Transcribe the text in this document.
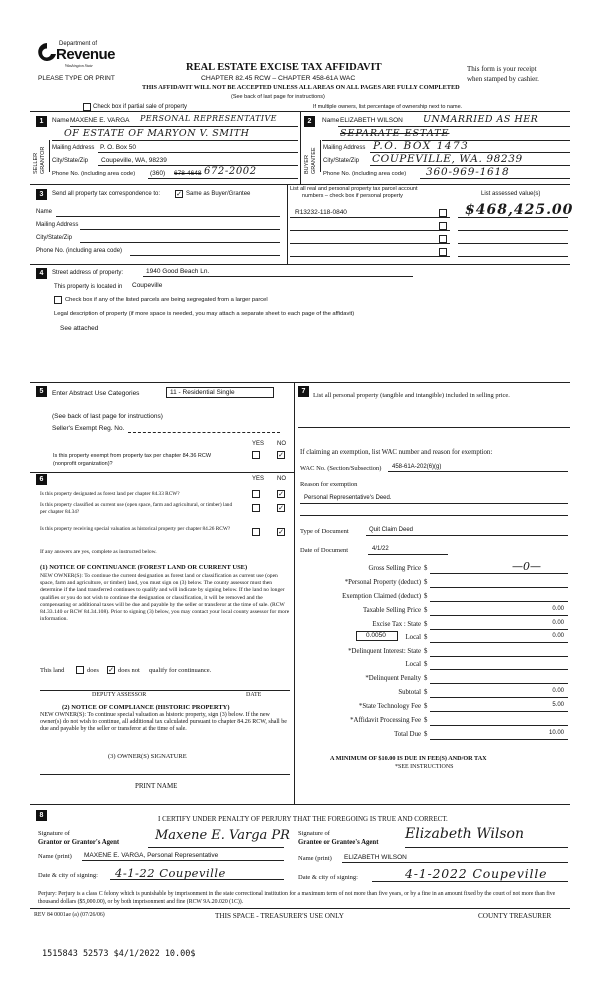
Department of
Revenue
Washington State
PLEASE TYPE OR PRINT
REAL ESTATE EXCISE TAX AFFIDAVIT
CHAPTER 82.45 RCW – CHAPTER 458-61A WAC
THIS AFFIDAVIT WILL NOT BE ACCEPTED UNLESS ALL AREAS ON ALL PAGES ARE FULLY COMPLETED
(See back of last page for instructions)
This form is your receipt
when stamped by cashier.
Check box if partial sale of property	If multiple owners, list percentage of ownership next to name.
1	2
SELLER GRANTOR	BUYER GRANTEE
Name MAXENE E. VARGA PERSONAL REPRESENTATIVE
OF ESTATE OF MARYON V. SMITH
Mailing Address P. O. Box 50
City/State/Zip Coupeville, WA, 98239
Phone No. (including area code) (360) 678-4648 672-2002
Name ELIZABETH WILSON UNMARRIED AS HER
SEPARATE ESTATE
Mailing Address P.O. BOX 1473
City/State/Zip COUPEVILLE, WA. 98239
Phone No. (including area code) 360-969-1618
3	Send all property tax correspondence to: ✓ Same as Buyer/Grantee
List all real and personal property tax parcel account
numbers – check box if personal property	List assessed value(s)
R13232-118-0840	$468,425.00
Name
Mailing Address
City/State/Zip
Phone No. (including area code)
4	Street address of property:	1940 Good Beach Ln.
This property is located in Coupeville
Check box if any of the listed parcels are being segregated from a larger parcel
Legal description of property (if more space is needed, you may attach a separate sheet to each page of the affidavit)
See attached
5	Enter Abstract Use Categories	11 - Residential Single
(See back of last page for instructions)
Seller's Exempt Reg. No.
YES NO
Is this property exempt from property tax per chapter 84.36 RCW (nonprofit organization)?
✓
6	YES NO
Is this property designated as forest land per chapter 84.33 RCW?	✓
Is this property classified as current use (open space, farm and agricultural, or timber) land per chapter 84.34?	✓
Is this property receiving special valuation as historical property per chapter 84.26 RCW?	✓
If any answers are yes, complete as instructed below.
(1) NOTICE OF CONTINUANCE (FOREST LAND OR CURRENT USE)
NEW OWNER(S): To continue the current designation as forest land or classification as current use (open space, farm and agriculture, or timber) land, you must sign on (3) below. The county assessor must then determine if the land transferred continues to qualify and will indicate by signing below. If the land no longer qualifies or you do not wish to continue the designation or classification, it will be removed and the compensating or additional taxes will be due and payable by the seller or transferor at the time of sale. (RCW 84.33.140 or RCW 84.34.108). Prior to signing (3) below, you may contact your local county assessor for more information.
This land	does ✓ does not qualify for continuance.
DEPUTY ASSESSOR	DATE
(2) NOTICE OF COMPLIANCE (HISTORIC PROPERTY)
NEW OWNER(S): To continue special valuation as historic property, sign (3) below. If the new owner(s) do not wish to continue, all additional tax calculated pursuant to chapter 84.26 RCW, shall be due and payable by the seller or transferor at the time of sale.
(3) OWNER(S) SIGNATURE
PRINT NAME
7
List all personal property (tangible and intangible) included in selling price.
If claiming an exemption, list WAC number and reason for exemption:
WAC No. (Section/Subsection) 458-61A-202(6)(g)
Reason for exemption
Personal Representative's Deed.
Type of Document	Quit Claim Deed
Date of Document	4/1/22
Gross Selling Price $	—0—
*Personal Property (deduct) $
Exemption Claimed (deduct) $
Taxable Selling Price $	0.00
Excise Tax : State $	0.00
0.0050	Local $	0.00
*Delinquent Interest: State $
Local $
*Delinquent Penalty $
Subtotal $	0.00
*State Technology Fee $	5.00
*Affidavit Processing Fee $
Total Due $	10.00
A MINIMUM OF $10.00 IS DUE IN FEE(S) AND/OR TAX
*SEE INSTRUCTIONS
8	I CERTIFY UNDER PENALTY OF PERJURY THAT THE FOREGOING IS TRUE AND CORRECT.
Signature of
Grantor or Grantor's Agent	Maxene E. Varga PR
Name (print) MAXENE E. VARGA, Personal Representative
Date & city of signing: 4-1-22 Coupeville
Signature of
Grantee or Grantee's Agent
Elizabeth Wilson
Name (print) ELIZABETH WILSON
Date & city of signing:	4-1-2022 Coupeville
Perjury: Perjury is a class C felony which is punishable by imprisonment in the state correctional institution for a maximum term of not more than five years, or by a fine in an amount fixed by the court of not more than five thousand dollars ($5,000.00), or by both imprisonment and fine (RCW 9A.20.020 (1C)).
REV 84 0001ae (a) (07/26/06)	THIS SPACE - TREASURER'S USE ONLY	COUNTY TREASURER
1515843 52573 $4/1/2022 10.00$
